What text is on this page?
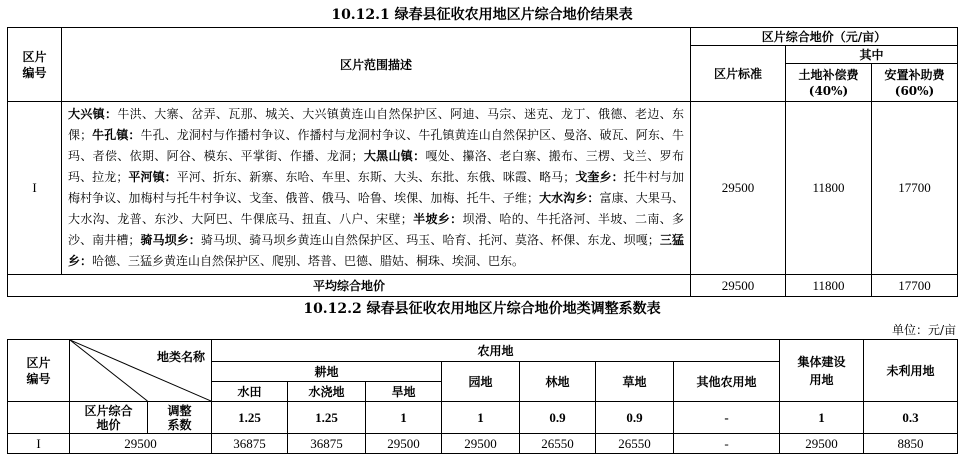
10.12.1 绿春县征收农用地区片综合地价结果表
区片编号	区片范围描述	区片综合地价（元/亩）		
		区片标准	其中	
			土地补偿费(40%)	安置补助费(60%)
I	大兴镇：牛洪、大寨、岔弄、瓦那、城关、大兴镇黄连山自然保护区、阿迪、马宗、迷克、龙丁、俄德、老边、东倮；牛孔镇：牛孔、龙洞村与作播村争议、作播村与龙洞村争议、牛孔镇黄连山自然保护区、曼洛、破瓦、阿东、牛玛、者偿、依期、阿谷、模东、平掌街、作播、龙洞；大黑山镇：嘎处、攥洛、老白寨、搬布、三楞、戈兰、罗布玛、拉龙；平河镇：平河、折东、新寨、东哈、车里、东斯、大头、东批、东俄、咪霞、略马；戈奎乡：托牛村与加梅村争议、加梅村与托牛村争议、戈奎、俄普、俄马、哈鲁、埃倮、加梅、托牛、子维；大水沟乡：富康、大果马、大水沟、龙普、东沙、大阿巴、牛倮底马、扭直、八户、宋壁；半坡乡：坝滑、哈的、牛托洛河、半坡、二南、多沙、南井槽；骑马坝乡：骑马坝、骑马坝乡黄连山自然保护区、玛玉、哈育、托河、莫洛、杯倮、东龙、坝嘎；三猛乡：哈德、三猛乡黄连山自然保护区、爬别、塔普、巴德、腊姑、桐珠、埃洞、巴东。	29500	11800	17700
平均综合地价		29500	11800	17700
10.12.2 绿春县征收农用地区片综合地价地类调整系数表
单位：元/亩
区片编号	地类名称		农用地							集体建设用地	未利用地
			耕地			园地	林地	草地	其他农用地		
			水田	水浇地	旱地						
	区片综合地价	调整系数	1.25	1.25	1	1	0.9	0.9	-	1	0.3
I	29500		36875	36875	29500	29500	26550	26550	-	29500	8850
